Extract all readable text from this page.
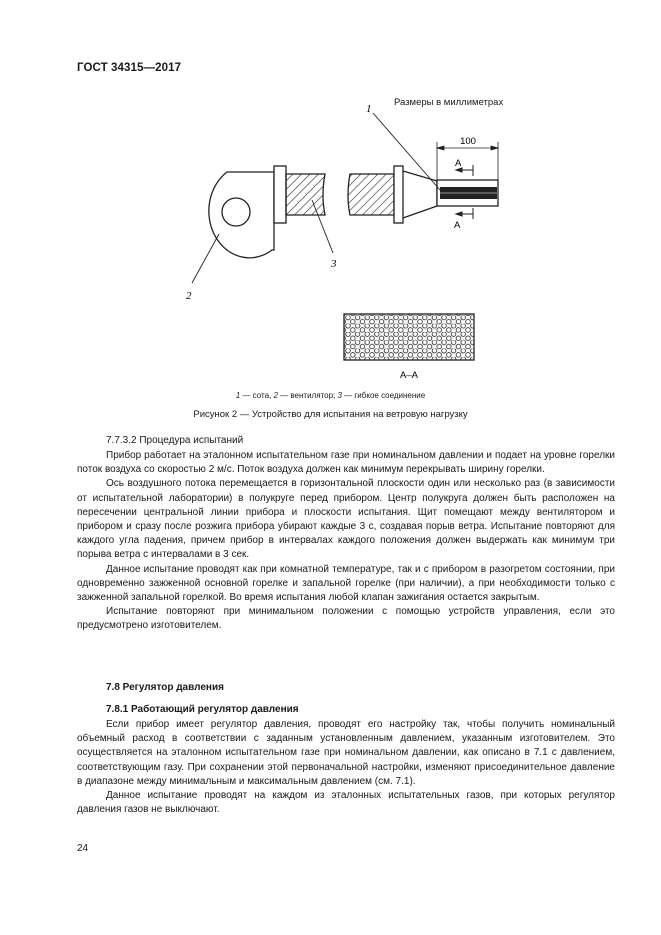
ГОСТ 34315—2017
100
А
А
1
2
3
А–А
Размеры в миллиметрах
1 — сота, 2 — вентилятор; 3 — гибкое соединение
Рисунок 2 — Устройство для испытания на ветровую нагрузку
7.7.3.2 Процедура испытаний

Прибор работает на эталонном испытательном газе при номинальном давлении и подает на уровне горелки поток воздуха со скоростью 2 м/с. Поток воздуха должен как минимум перекрывать ширину горелки.

Ось воздушного потока перемещается в горизонтальной плоскости один или несколько раз (в зависимости от испытательной лаборатории) в полукруге перед прибором. Центр полукруга должен быть расположен на пересечении центральной линии прибора и плоскости испытания. Щит помещают между вентилятором и прибором и сразу после розжига прибора убирают каждые 3 с, создавая порыв ветра. Испытание повторяют для каждого угла падения, причем прибор в интервалах каждого положения должен выдержать как минимум три порыва ветра с интервалами в 3 сек.

Данное испытание проводят как при комнатной температуре, так и с прибором в разогретом состоянии, при одновременно зажженной основной горелке и запальной горелке (при наличии), а при необходимости только с зажженной запальной горелкой. Во время испытания любой клапан зажигания остается закрытым.

Испытание повторяют при минимальном положении с помощью устройств управления, если это предусмотрено изготовителем.

7.8 Регулятор давления
7.8.1 Работающий регулятор давления

Если прибор имеет регулятор давления, проводят его настройку так, чтобы получить номинальный объемный расход в соответствии с заданным установленным давлением, указанным изготовителем. Это осуществляется на эталонном испытательном газе при номинальном давлении, как описано в 7.1 с давлением, соответствующим газу. При сохранении этой первоначальной настройки, изменяют присоединительное давление в диапазоне между минимальным и максимальным давлением (см. 7.1).

Данное испытание проводят на каждом из эталонных испытательных газов, при которых регулятор давления газов не выключают.

24
